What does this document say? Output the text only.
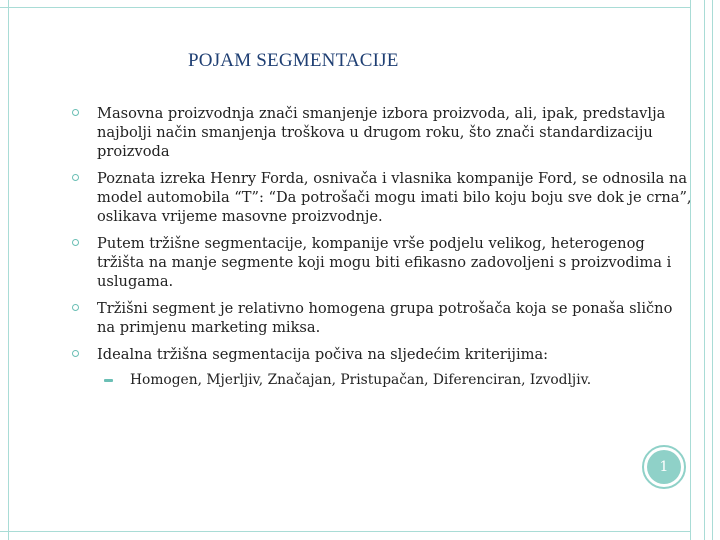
POJAM SEGMENTACIJE
Masovna proizvodnja znači smanjenje izbora proizvoda, ali, ipak, predstavlja najbolji način smanjenja troškova u drugom roku, što znači standardizaciju proizvoda
Poznata izreka Henry Forda, osnivača i vlasnika kompanije Ford, se odnosila na model automobila “T”: “Da potrošači mogu imati bilo koju boju sve dok je crna”, oslikava vrijeme masovne proizvodnje.
Putem tržišne segmentacije, kompanije vrše podjelu velikog, heterogenog tržišta na manje segmente koji mogu biti efikasno zadovoljeni s proizvodima i uslugama.
Tržišni segment je relativno homogena grupa potrošača koja se ponaša slično na primjenu marketing miksa.
Idealna tržišna segmentacija počiva na sljedećim kriterijima:
Homogen, Mjerljiv, Značajan, Pristupačan, Diferenciran, Izvodljiv.
1
